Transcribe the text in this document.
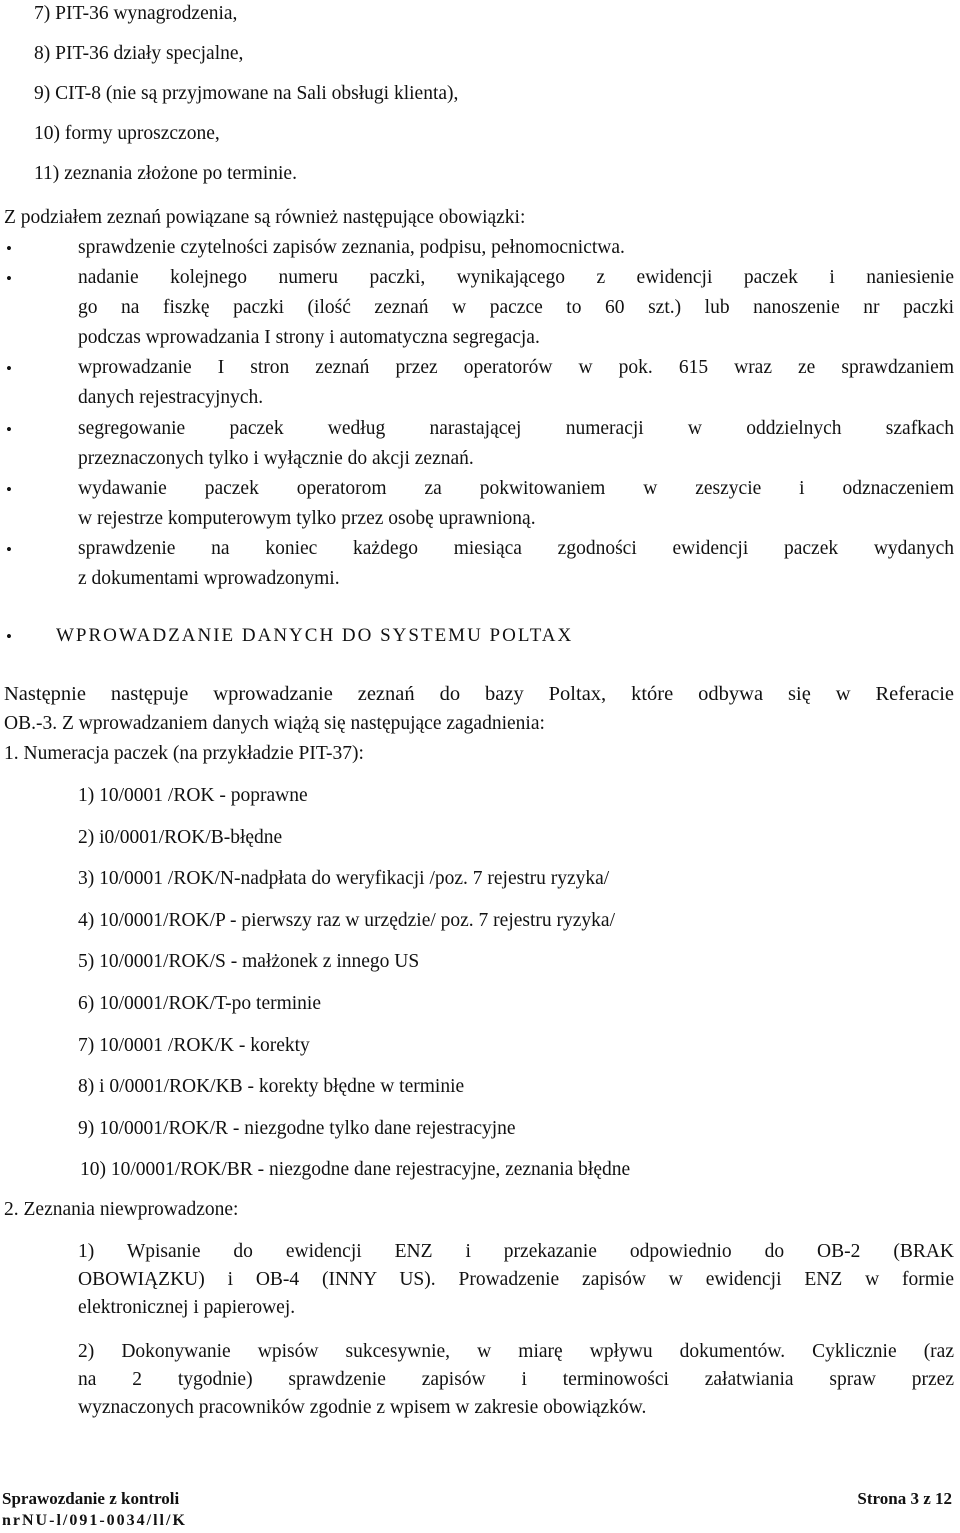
7) PIT-36 wynagrodzenia,
8) PIT-36 działy specjalne,
9) CIT-8 (nie są przyjmowane na Sali obsługi klienta),
10) formy uproszczone,
11) zeznania złożone po terminie.
Z podziałem zeznań powiązane są również następujące obowiązki:
•	sprawdzenie czytelności zapisów zeznania, podpisu, pełnomocnictwa.
•	nadanie kolejnego numeru paczki, wynikającego z ewidencji paczek i naniesienie
go na fiszkę paczki (ilość zeznań w paczce to 60 szt.) lub nanoszenie nr paczki
podczas wprowadzania I strony i automatyczna segregacja.
•	wprowadzanie I stron zeznań przez operatorów w pok. 615 wraz ze sprawdzaniem
danych rejestracyjnych.
•	segregowanie paczek według narastającej numeracji w oddzielnych szafkach
przeznaczonych tylko i wyłącznie do akcji zeznań.
•	wydawanie paczek operatorom za pokwitowaniem w zeszycie i odznaczeniem
w rejestrze komputerowym tylko przez osobę uprawnioną.
•	sprawdzenie na koniec każdego miesiąca zgodności ewidencji paczek wydanych
z dokumentami wprowadzonymi.
• WPROWADZANIE DANYCH DO SYSTEMU POLTAX
Następnie następuje wprowadzanie zeznań do bazy Poltax, które odbywa się w Referacie
OB.-3. Z wprowadzaniem danych wiążą się następujące zagadnienia:
1. Numeracja paczek (na przykładzie PIT-37):
1) 10/0001 /ROK - poprawne
2) i0/0001/ROK/B-błędne
3) 10/0001 /ROK/N-nadpłata do weryfikacji /poz. 7 rejestru ryzyka/
4) 10/0001/ROK/P - pierwszy raz w urzędzie/ poz. 7 rejestru ryzyka/
5) 10/0001/ROK/S - małżonek z innego US
6) 10/0001/ROK/T-po terminie
7) 10/0001 /ROK/K - korekty
8) i 0/0001/ROK/KB - korekty błędne w terminie
9) 10/0001/ROK/R - niezgodne tylko dane rejestracyjne
10) 10/0001/ROK/BR - niezgodne dane rejestracyjne, zeznania błędne
2. Zeznania niewprowadzone:
1) Wpisanie do ewidencji ENZ i przekazanie odpowiednio do OB-2 (BRAK
OBOWIĄZKU) i OB-4 (INNY US). Prowadzenie zapisów w ewidencji ENZ w formie
elektronicznej i papierowej.
2) Dokonywanie wpisów sukcesywnie, w miarę wpływu dokumentów. Cyklicznie (raz
na 2 tygodnie) sprawdzenie zapisów i terminowości załatwiania spraw przez
wyznaczonych pracowników zgodnie z wpisem w zakresie obowiązków.
Sprawozdanie z kontroli	Strona 3 z 12
nrNU-l/091-0034/ll/K
